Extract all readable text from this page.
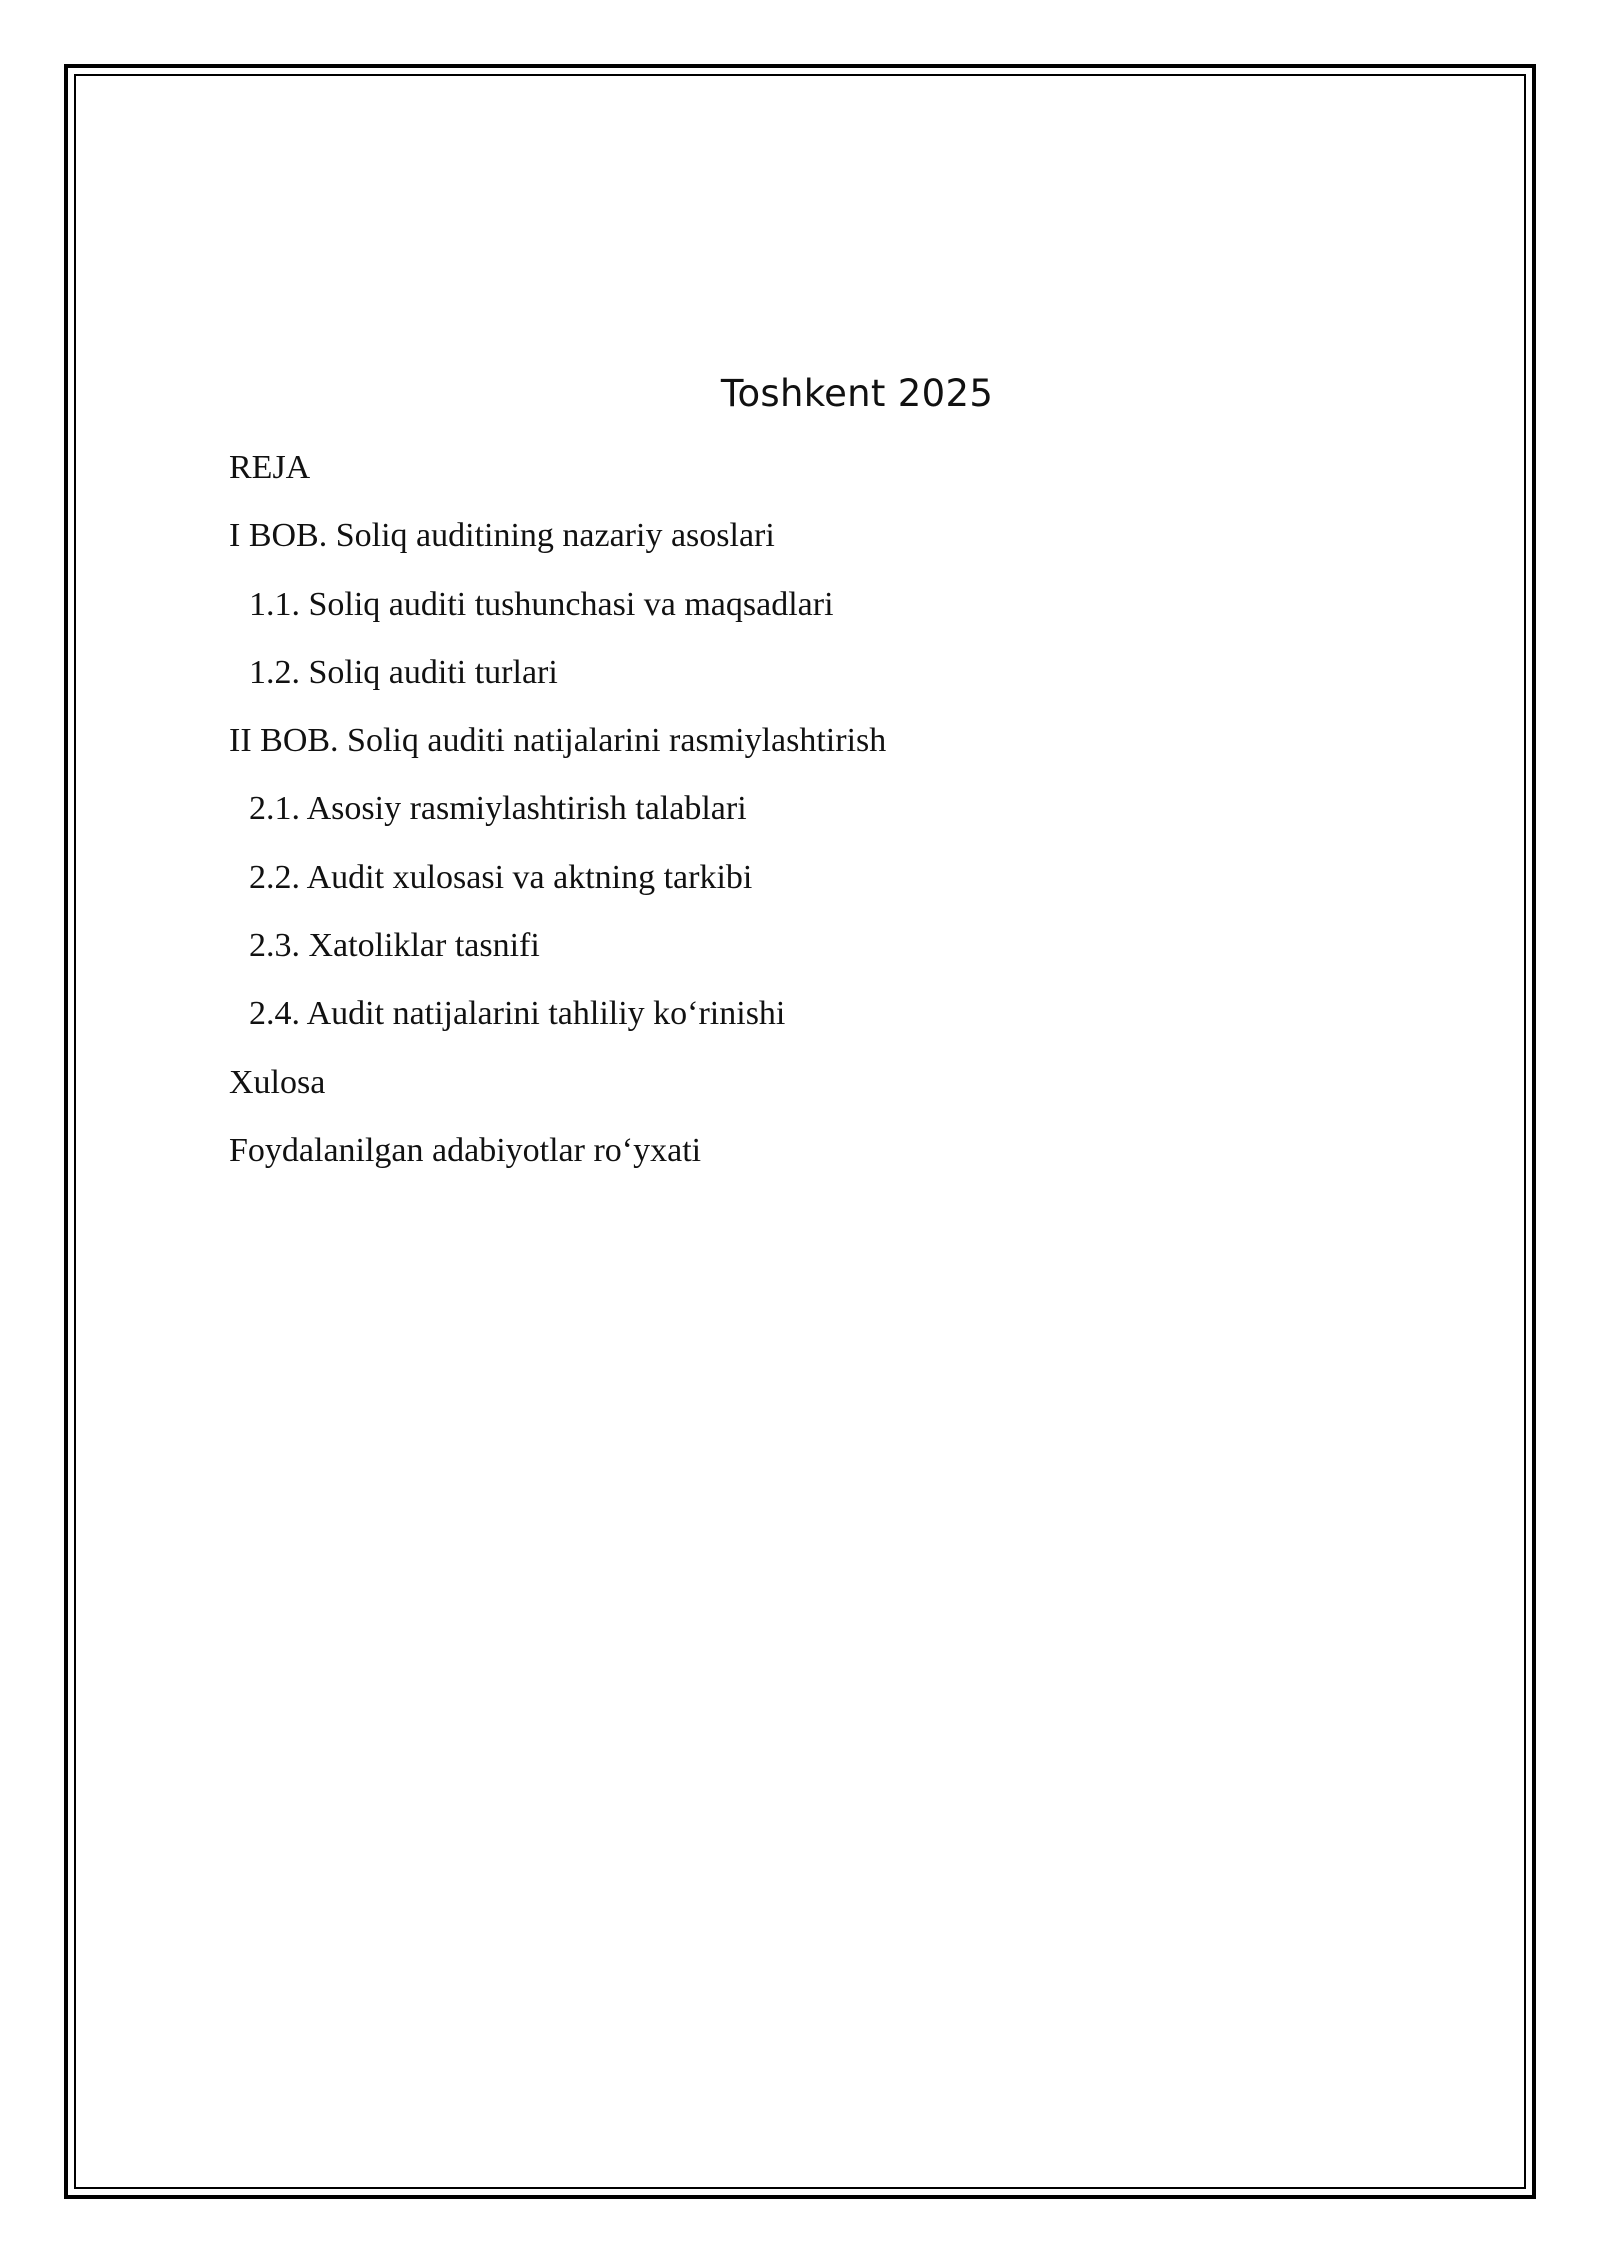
Toshkent 2025
REJA
I BOB. Soliq auditining nazariy asoslari
1.1. Soliq auditi tushunchasi va maqsadlari
1.2. Soliq auditi turlari
II BOB. Soliq auditi natijalarini rasmiylashtirish
2.1. Asosiy rasmiylashtirish talablari
2.2. Audit xulosasi va aktning tarkibi
2.3. Xatoliklar tasnifi
2.4. Audit natijalarini tahliliy ko‘rinishi
Xulosa
Foydalanilgan adabiyotlar ro‘yxati
